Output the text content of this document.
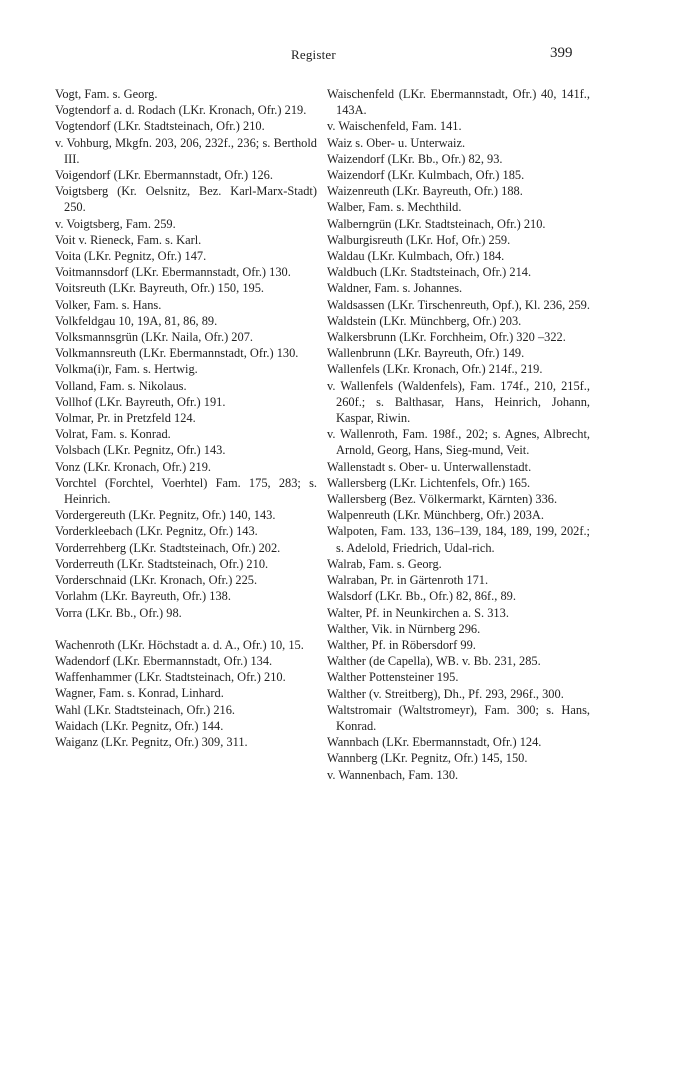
Register	399

Vogt, Fam. s. Georg.

Vogtendorf a. d. Rodach (LKr. Kronach, Ofr.) 219.

Vogtendorf (LKr. Stadtsteinach, Ofr.) 210.

v. Vohburg, Mkgfn. 203, 206, 232f., 236; s. Berthold III.

Voigendorf (LKr. Ebermannstadt, Ofr.) 126.

Voigtsberg (Kr. Oelsnitz, Bez. Karl-Marx-Stadt) 250.

v. Voigtsberg, Fam. 259.

Voit v. Rieneck, Fam. s. Karl.

Voita (LKr. Pegnitz, Ofr.) 147.

Voitmannsdorf (LKr. Ebermannstadt, Ofr.) 130.

Voitsreuth (LKr. Bayreuth, Ofr.) 150, 195.

Volker, Fam. s. Hans.

Volkfeldgau 10, 19A, 81, 86, 89.

Volksmannsgrün (LKr. Naila, Ofr.) 207.

Volkmannsreuth (LKr. Ebermannstadt, Ofr.) 130.

Volkma(i)r, Fam. s. Hertwig.

Volland, Fam. s. Nikolaus.

Vollhof (LKr. Bayreuth, Ofr.) 191.

Volmar, Pr. in Pretzfeld 124.

Volrat, Fam. s. Konrad.

Volsbach (LKr. Pegnitz, Ofr.) 143.

Vonz (LKr. Kronach, Ofr.) 219.

Vorchtel (Forchtel, Voerhtel) Fam. 175, 283; s. Heinrich.

Vordergereuth (LKr. Pegnitz, Ofr.) 140, 143.

Vorderkleebach (LKr. Pegnitz, Ofr.) 143.

Vorderrehberg (LKr. Stadtsteinach, Ofr.) 202.

Vorderreuth (LKr. Stadtsteinach, Ofr.) 210.

Vorderschnaid (LKr. Kronach, Ofr.) 225.

Vorlahm (LKr. Bayreuth, Ofr.) 138.

Vorra (LKr. Bb., Ofr.) 98.

Wachenroth (LKr. Höchstadt a. d. A., Ofr.) 10, 15.

Wadendorf (LKr. Ebermannstadt, Ofr.) 134.

Waffenhammer (LKr. Stadtsteinach, Ofr.) 210.

Wagner, Fam. s. Konrad, Linhard.

Wahl (LKr. Stadtsteinach, Ofr.) 216.

Waidach (LKr. Pegnitz, Ofr.) 144.

Waiganz (LKr. Pegnitz, Ofr.) 309, 311.

Waischenfeld (LKr. Ebermannstadt, Ofr.) 40, 141f., 143A.

v. Waischenfeld, Fam. 141.

Waiz s. Ober- u. Unterwaiz.

Waizendorf (LKr. Bb., Ofr.) 82, 93.

Waizendorf (LKr. Kulmbach, Ofr.) 185.

Waizenreuth (LKr. Bayreuth, Ofr.) 188.

Walber, Fam. s. Mechthild.

Walberngrün (LKr. Stadtsteinach, Ofr.) 210.

Walburgisreuth (LKr. Hof, Ofr.) 259.

Waldau (LKr. Kulmbach, Ofr.) 184.

Waldbuch (LKr. Stadtsteinach, Ofr.) 214.

Waldner, Fam. s. Johannes.

Waldsassen (LKr. Tirschenreuth, Opf.), Kl. 236, 259.

Waldstein (LKr. Münchberg, Ofr.) 203.

Walkersbrunn (LKr. Forchheim, Ofr.) 320 –322.

Wallenbrunn (LKr. Bayreuth, Ofr.) 149.

Wallenfels (LKr. Kronach, Ofr.) 214f., 219.

v. Wallenfels (Waldenfels), Fam. 174f., 210, 215f., 260f.; s. Balthasar, Hans, Heinrich, Johann, Kaspar, Riwin.

v. Wallenroth, Fam. 198f., 202; s. Agnes, Albrecht, Arnold, Georg, Hans, Sieg-mund, Veit.

Wallenstadt s. Ober- u. Unterwallenstadt.

Wallersberg (LKr. Lichtenfels, Ofr.) 165.

Wallersberg (Bez. Völkermarkt, Kärnten) 336.

Walpenreuth (LKr. Münchberg, Ofr.) 203A.

Walpoten, Fam. 133, 136–139, 184, 189, 199, 202f.; s. Adelold, Friedrich, Udal-rich.

Walrab, Fam. s. Georg.

Walraban, Pr. in Gärtenroth 171.

Walsdorf (LKr. Bb., Ofr.) 82, 86f., 89.

Walter, Pf. in Neunkirchen a. S. 313.

Walther, Vik. in Nürnberg 296.

Walther, Pf. in Röbersdorf 99.

Walther (de Capella), WB. v. Bb. 231, 285.

Walther Pottensteiner 195.

Walther (v. Streitberg), Dh., Pf. 293, 296f., 300.

Waltstromair (Waltstromeyr), Fam. 300; s. Hans, Konrad.

Wannbach (LKr. Ebermannstadt, Ofr.) 124.

Wannberg (LKr. Pegnitz, Ofr.) 145, 150.

v. Wannenbach, Fam. 130.
